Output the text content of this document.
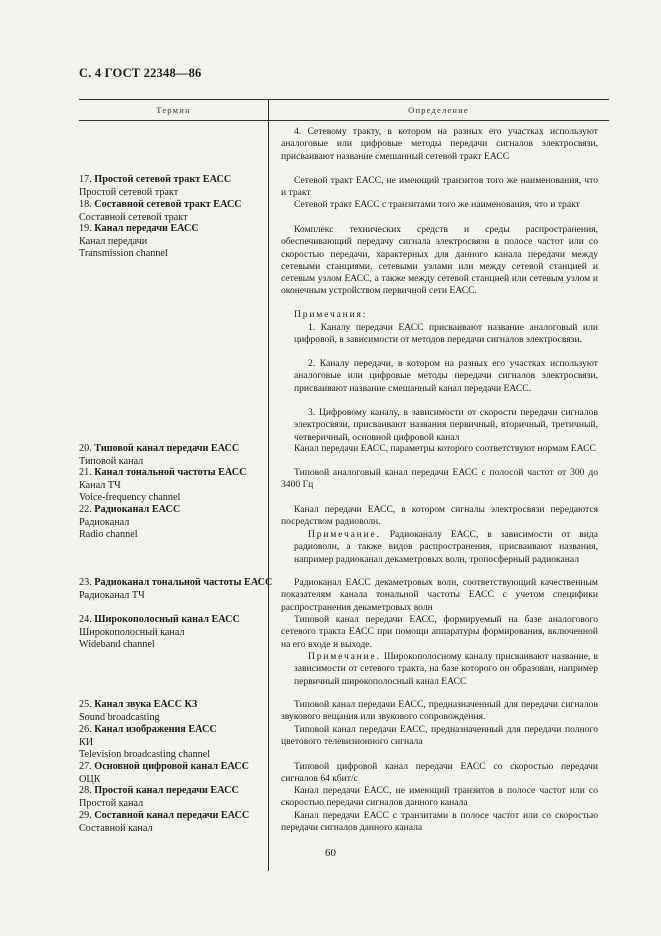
С. 4 ГОСТ 22348—86
Термин	Определение
17. Простой сетевой тракт ЕАСС
Простой сетевой тракт
18. Составной сетевой тракт ЕАСС
Составной сетевой тракт
19. Канал передачи ЕАСС
Канал передачи
Transmission channel
20. Типовой канал передачи ЕАСС
Типовой канал
21. Канал тональной частоты ЕАСС
Канал ТЧ
Voice-frequency channel
22. Радиоканал ЕАСС
Радиоканал
Radio channel
23. Радиоканал тональной частоты ЕАСС
Радиоканал ТЧ
24. Широкополосный канал ЕАСС
Широкополосный канал
Wideband channel
25. Канал звука ЕАСС КЗ
Sound broadcasting
26. Канал изображения ЕАСС
КИ
Television broadcasting channel
27. Основной цифровой канал ЕАСС
ОЦК
28. Простой канал передачи ЕАСС
Простой канал
29. Составной канал передачи ЕАСС
Составной канал
4. Сетевому тракту, в котором на разных его участках используют аналоговые или цифровые методы передачи сигналов электросвязи, присваивают название смешанный сетевой тракт ЕАСС
Сетевой тракт ЕАСС, не имеющий транзитов того же наименования, что и тракт
Сетевой тракт ЕАСС с транзитами того же наименования, что и тракт
Комплекс технических средств и среды распространения, обеспечивающий передачу сигнала электросвязи в полосе частот или со скоростью передачи, характерных для данного канала передачи между сетевыми станциями, сетевыми узлами или между сетевой станцией и сетевым узлом ЕАСС, а также между сетевой станцией или сетевым узлом и оконечным устройством первичной сети ЕАСС.
Примечания:
1. Каналу передачи ЕАСС присваивают название аналоговый или цифровой, в зависимости от методов передачи сигналов электросвязи.
2. Каналу передачи, в котором на разных его участках используют аналоговые или цифровые методы передачи сигналов электросвязи, присваивают название смешанный канал передачи ЕАСС.
3. Цифровому каналу, в зависимости от скорости передачи сигналов электросвязи, присваивают названия первичный, вторичный, третичный, четверичный, основной цифровой канал
Канал передачи ЕАСС, параметры которого соответствуют нормам ЕАСС
Типовой аналоговый канал передачи ЕАСС с полосой частот от 300 до 3400 Гц
Канал передачи ЕАСС, в котором сигналы электросвязи передаются посредством радиоволн.
Примечание. Радиоканалу ЕАСС, в зависимости от вида радиоволн, а также видов распространения, присваивают названия, например радиоканал декаметровых волн, тропосферный радиоканал
Радиоканал ЕАСС декаметровых волн, соответствующий качественным показателям канала тональной частоты ЕАСС с учетом специфики распространения декаметровых волн
Типовой канал передачи ЕАСС, формируемый на базе аналогового сетевого тракта ЕАСС при помощи аппаратуры формирования, включенной на его входе и выходе.
Примечание. Широкополосному каналу присваивают название, в зависимости от сетевого тракта, на базе которого он образован, например первичный широкополосный канал ЕАСС
Типовой канал передачи ЕАСС, предназначенный для передачи сигналов звукового вещания или звукового сопровождения.
Типовой канал передачи ЕАСС, предназначенный для передачи полного цветового телевизионного сигнала
Типовой цифровой канал передачи ЕАСС со скоростью передачи сигналов 64 кбит/с
Канал передачи ЕАСС, не имеющий транзитов в полосе частот или со скоростью передачи сигналов данного канала
Канал передачи ЕАСС с транзитами в полосе частот или со скоростью передачи сигналов данного канала
60
